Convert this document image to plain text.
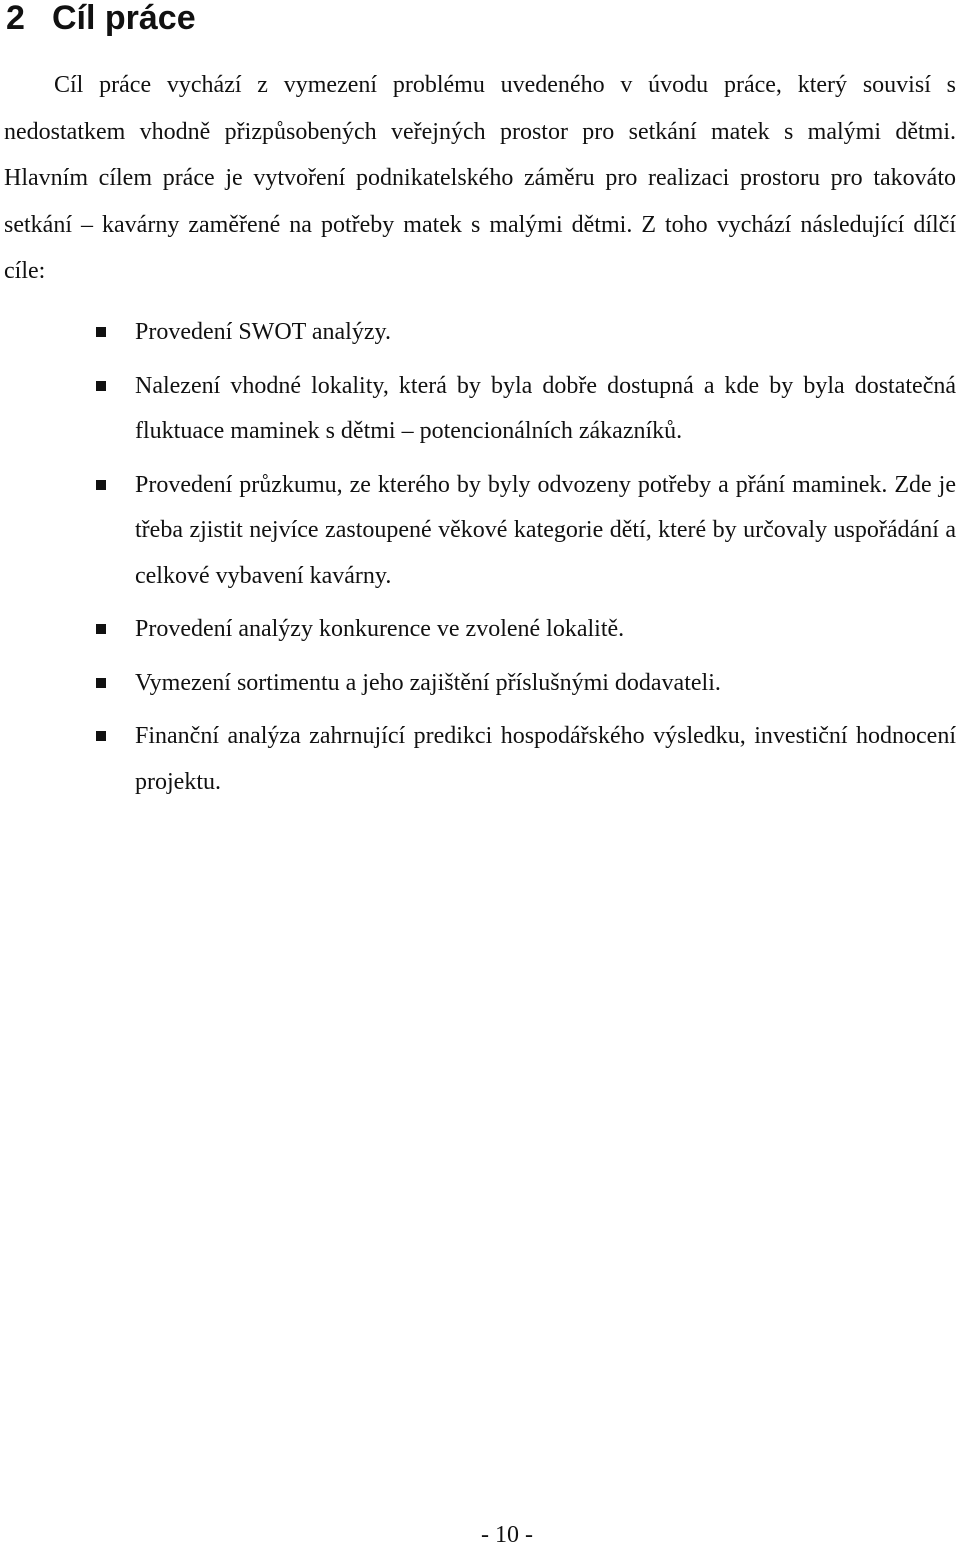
2 Cíl práce

Cíl práce vychází z vymezení problému uvedeného v úvodu práce, který souvisí s nedostatkem vhodně přizpůsobených veřejných prostor pro setkání matek s malými dětmi. Hlavním cílem práce je vytvoření podnikatelského záměru pro realizaci prostoru pro takováto setkání – kavárny zaměřené na potřeby matek s malými dětmi. Z toho vychází následující dílčí cíle:

Provedení SWOT analýzy.
Nalezení vhodné lokality, která by byla dobře dostupná a kde by byla dostatečná fluktuace maminek s dětmi – potencionálních zákazníků.
Provedení průzkumu, ze kterého by byly odvozeny potřeby a přání maminek. Zde je třeba zjistit nejvíce zastoupené věkové kategorie dětí, které by určovaly uspořádání a celkové vybavení kavárny.
Provedení analýzy konkurence ve zvolené lokalitě.
Vymezení sortimentu a jeho zajištění příslušnými dodavateli.
Finanční analýza zahrnující predikci hospodářského výsledku, investiční hodnocení projektu.
- 10 -
